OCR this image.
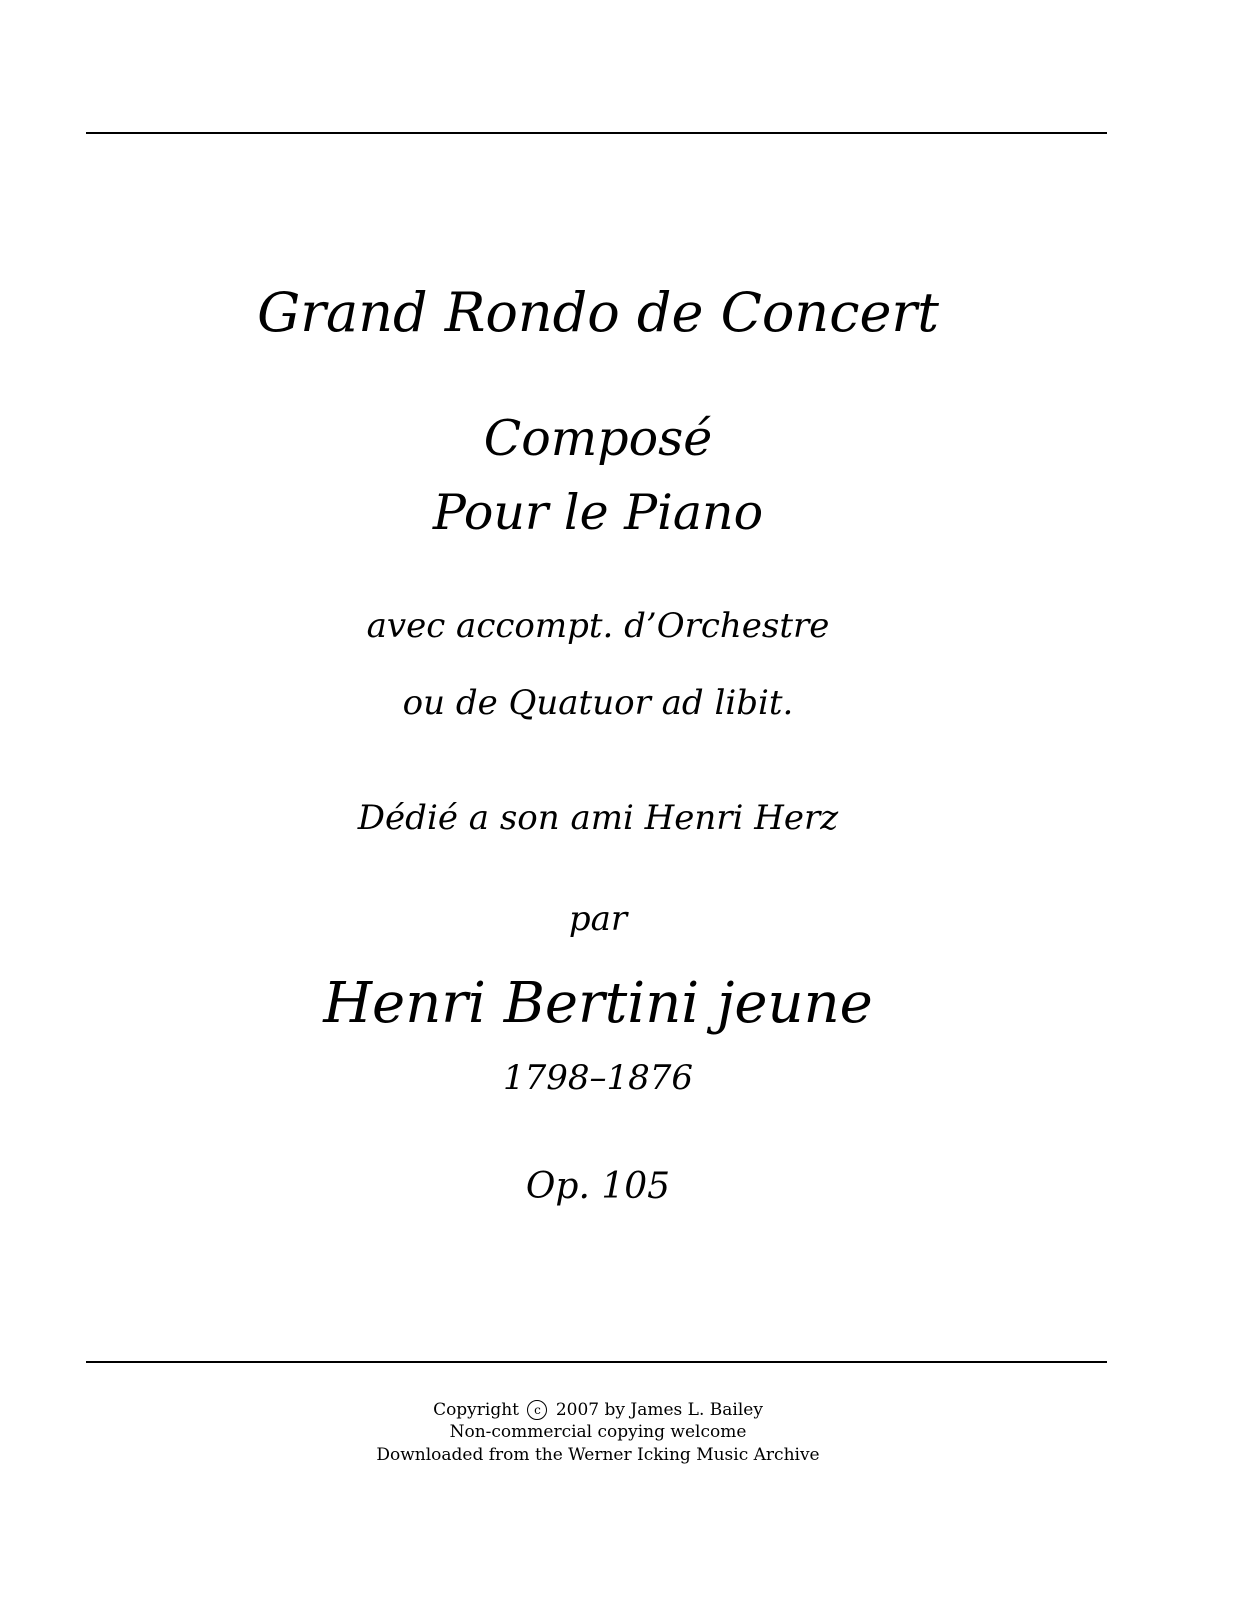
Grand Rondo de Concert
Composé
Pour le Piano
avec accompt. d’Orchestre
ou de Quatuor ad libit.
Dédié a son ami Henri Herz
par
Henri Bertini jeune
1798–1876
Op. 105
Copyright c 2007 by James L. Bailey
Non-commercial copying welcome
Downloaded from the Werner Icking Music Archive
